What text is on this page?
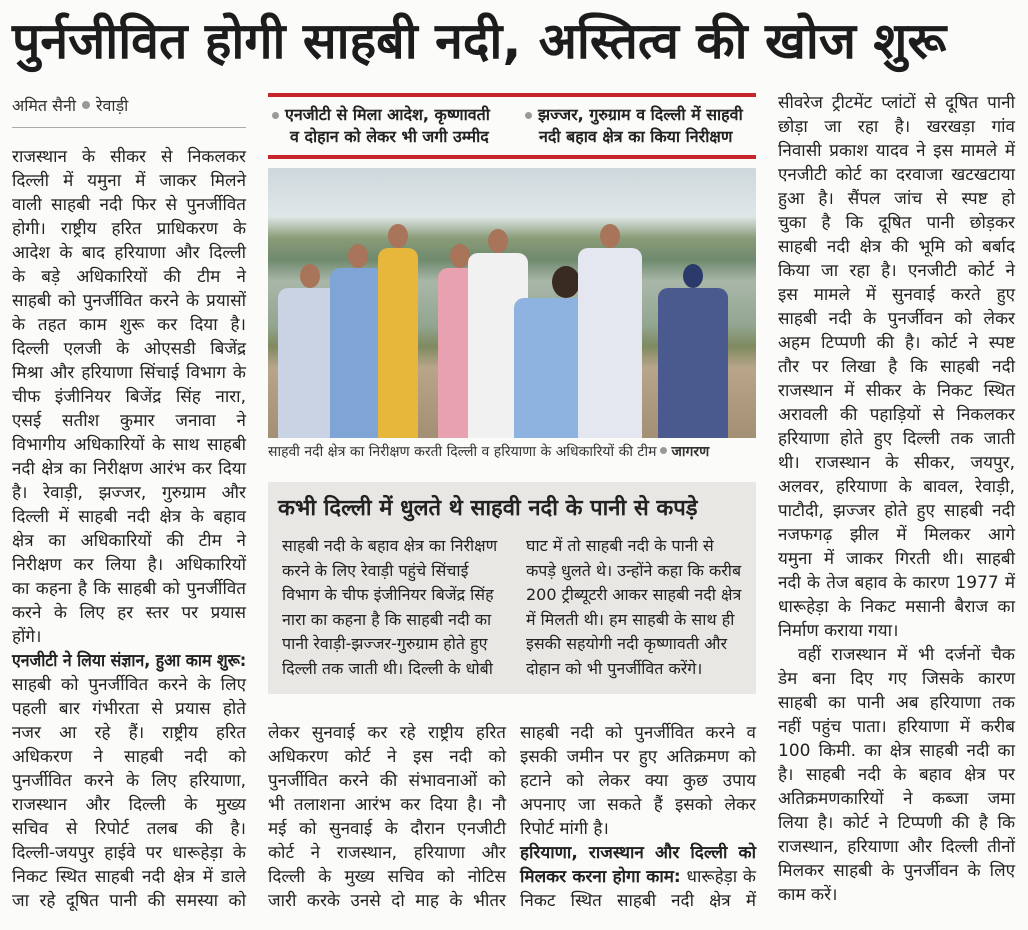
पुर्नजीवित होगी साहबी नदी, अस्तित्व की खोज शुरू
अमित सैनी रेवाड़ी
राजस्थान के सीकर से निकलकर
दिल्ली में यमुना में जाकर मिलने
वाली साहबी नदी फिर से पुनर्जीवित
होगी। राष्ट्रीय हरित प्राधिकरण के
आदेश के बाद हरियाणा और दिल्ली
के बड़े अधिकारियों की टीम ने
साहबी को पुनर्जीवित करने के प्रयासों
के तहत काम शुरू कर दिया है।
दिल्ली एलजी के ओएसडी बिजेंद्र
मिश्रा और हरियाणा सिंचाई विभाग के
चीफ इंजीनियर बिजेंद्र सिंह नारा,
एसई सतीश कुमार जनावा ने
विभागीय अधिकारियों के साथ साहबी
नदी क्षेत्र का निरीक्षण आरंभ कर दिया
है। रेवाड़ी, झज्जर, गुरुग्राम और
दिल्ली में साहबी नदी क्षेत्र के बहाव
क्षेत्र का अधिकारियों की टीम ने
निरीक्षण कर लिया है। अधिकारियों
का कहना है कि साहबी को पुनर्जीवित
करने के लिए हर स्तर पर प्रयास
होंगे।
एनजीटी ने लिया संज्ञान, हुआ काम शुरू:
साहबी को पुनर्जीवित करने के लिए
पहली बार गंभीरता से प्रयास होते
नजर आ रहे हैं। राष्ट्रीय हरित
अधिकरण ने साहबी नदी को
पुनर्जीवित करने के लिए हरियाणा,
राजस्थान और दिल्ली के मुख्य
सचिव से रिपोर्ट तलब की है।
दिल्ली-जयपुर हाईवे पर धारूहेड़ा के
निकट स्थित साहबी नदी क्षेत्र में डाले
जा रहे दूषित पानी की समस्या को
एनजीटी से मिला आदेश, कृष्णावती
व दोहान को लेकर भी जगी उम्मीद
झज्जर, गुरुग्राम व दिल्ली में साहवी
नदी बहाव क्षेत्र का किया निरीक्षण
साहवी नदी क्षेत्र का निरीक्षण करती दिल्ली व हरियाणा के अधिकारियों की टीम जागरण
कभी दिल्ली में धुलते थे साहवी नदी के पानी से कपड़े
साहबी नदी के बहाव क्षेत्र का निरीक्षण
करने के लिए रेवाड़ी पहुंचे सिंचाई
विभाग के चीफ इंजीनियर बिजेंद्र सिंह
नारा का कहना है कि साहबी नदी का
पानी रेवाड़ी-झज्जर-गुरुग्राम होते हुए
दिल्ली तक जाती थी। दिल्ली के धोबी
घाट में तो साहबी नदी के पानी से
कपड़े धुलते थे। उन्होंने कहा कि करीब
200 ट्रीब्यूटरी आकर साहबी नदी क्षेत्र
में मिलती थी। हम साहबी के साथ ही
इसकी सहयोगी नदी कृष्णावती और
दोहान को भी पुनर्जीवित करेंगे।
लेकर सुनवाई कर रहे राष्ट्रीय हरित
अधिकरण कोर्ट ने इस नदी को
पुनर्जीवित करने की संभावनाओं को
भी तलाशना आरंभ कर दिया है। नौ
मई को सुनवाई के दौरान एनजीटी
कोर्ट ने राजस्थान, हरियाणा और
दिल्ली के मुख्य सचिव को नोटिस
जारी करके उनसे दो माह के भीतर
साहबी नदी को पुनर्जीवित करने व
इसकी जमीन पर हुए अतिक्रमण को
हटाने को लेकर क्या कुछ उपाय
अपनाए जा सकते हैं इसको लेकर
रिपोर्ट मांगी है।
हरियाणा, राजस्थान और दिल्ली को
मिलकर करना होगा काम: धारूहेड़ा के
निकट स्थित साहबी नदी क्षेत्र में
सीवरेज ट्रीटमेंट प्लांटों से दूषित पानी
छोड़ा जा रहा है। खरखड़ा गांव
निवासी प्रकाश यादव ने इस मामले में
एनजीटी कोर्ट का दरवाजा खटखटाया
हुआ है। सैंपल जांच से स्पष्ट हो
चुका है कि दूषित पानी छोड़कर
साहबी नदी क्षेत्र की भूमि को बर्बाद
किया जा रहा है। एनजीटी कोर्ट ने
इस मामले में सुनवाई करते हुए
साहबी नदी के पुनर्जीवन को लेकर
अहम टिप्पणी की है। कोर्ट ने स्पष्ट
तौर पर लिखा है कि साहबी नदी
राजस्थान में सीकर के निकट स्थित
अरावली की पहाड़ियों से निकलकर
हरियाणा होते हुए दिल्ली तक जाती
थी। राजस्थान के सीकर, जयपुर,
अलवर, हरियाणा के बावल, रेवाड़ी,
पाटौदी, झज्जर होते हुए साहबी नदी
नजफगढ़ झील में मिलकर आगे
यमुना में जाकर गिरती थी। साहबी
नदी के तेज बहाव के कारण 1977 में
धारूहेड़ा के निकट मसानी बैराज का
निर्माण कराया गया।
वहीं राजस्थान में भी दर्जनों चैक
डेम बना दिए गए जिसके कारण
साहबी का पानी अब हरियाणा तक
नहीं पहुंच पाता। हरियाणा में करीब
100 किमी. का क्षेत्र साहबी नदी का
है। साहबी नदी के बहाव क्षेत्र पर
अतिक्रमणकारियों ने कब्जा जमा
लिया है। कोर्ट ने टिप्पणी की है कि
राजस्थान, हरियाणा और दिल्ली तीनों
मिलकर साहबी के पुनर्जीवन के लिए
काम करें।
